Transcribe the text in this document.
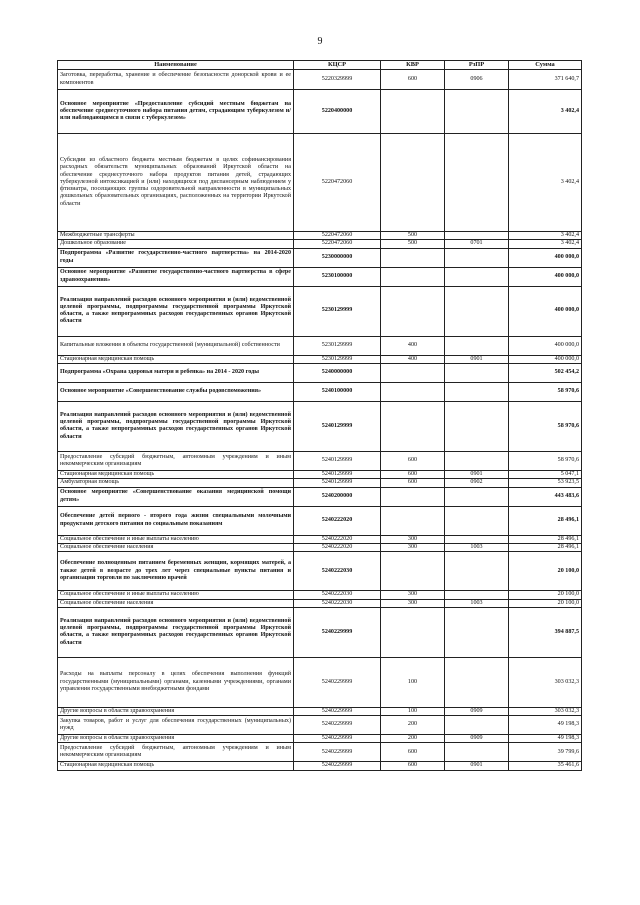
9
Наименование	КЦСР	КВР	РзПР	Сумма
Заготовка, переработка, хранение и обеспечение безопасности донорской крови и ее компонентов	5220329999	600	0906	371 640,7
Основное мероприятие «Предоставление субсидий местным бюджетам на обеспечение среднесуточного набора питания детям, страдающим туберкулезом и/или наблюдающимся в связи с туберкулезом»	5220400000			3 402,4
Субсидии из областного бюджета местным бюджетам в целях софинансирования расходных обязательств муниципальных образований Иркутской области на обеспечение среднесуточного набора продуктов питания детей, страдающих туберкулезной интоксикацией и (или) находящихся под диспансерным наблюдением у фтизиатра, посещающих группы оздоровительной направленности в муниципальных дошкольных образовательных организациях, расположенных на территории Иркутской области	5220472060			3 402,4
Межбюджетные трансферты	5220472060	500		3 402,4
Дошкольное образование	5220472060	500	0701	3 402,4
Подпрограмма «Развитие государственно-частного партнерства» на 2014-2020 годы	5230000000			400 000,0
Основное мероприятие «Развитие государственно-частного партнерства в сфере здравоохранения»	5230100000			400 000,0
Реализация направлений расходов основного мероприятия и (или) ведомственной целевой программы, подпрограммы государственной программы Иркутской области, а также непрограммных расходов государственных органов Иркутской области	5230129999			400 000,0
Капитальные вложения в объекты государственной (муниципальной) собственности	5230129999	400		400 000,0
Стационарная медицинская помощь	5230129999	400	0901	400 000,0
Подпрограмма «Охрана здоровья матери и ребенка» на 2014 - 2020 годы	5240000000			502 454,2
Основное мероприятие «Совершенствование службы родовспоможения»	5240100000			58 970,6
Реализация направлений расходов основного мероприятия и (или) ведомственной целевой программы, подпрограммы государственной программы Иркутской области, а также непрограммных расходов государственных органов Иркутской области	5240129999			58 970,6
Предоставление субсидий бюджетным, автономным учреждениям и иным некоммерческим организациям	5240129999	600		58 970,6
Стационарная медицинская помощь	5240129999	600	0901	5 047,1
Амбулаторная помощь	5240129999	600	0902	53 923,5
Основное мероприятие «Совершенствование оказания медицинской помощи детям»	5240200000			443 483,6
Обеспечение детей первого - второго года жизни специальными молочными продуктами детского питания по социальным показаниям	5240222020			28 496,1
Социальное обеспечение и иные выплаты населению	5240222020	300		28 496,1
Социальное обеспечение населения	5240222020	300	1003	28 496,1
Обеспечение полноценным питанием беременных женщин, кормящих матерей, а также детей в возрасте до трех лет через специальные пункты питания и организации торговли по заключению врачей	5240222030			20 100,0
Социальное обеспечение и иные выплаты населению	5240222030	300		20 100,0
Социальное обеспечение населения	5240222030	300	1003	20 100,0
Реализация направлений расходов основного мероприятия и (или) ведомственной целевой программы, подпрограммы государственной программы Иркутской области, а также непрограммных расходов государственных органов Иркутской области	5240229999			394 887,5
Расходы на выплаты персоналу в целях обеспечения выполнения функций государственными (муниципальными) органами, казенными учреждениями, органами управления государственными внебюджетными фондами	5240229999	100		303 032,3
Другие вопросы в области здравоохранения	5240229999	100	0909	303 032,3
Закупка товаров, работ и услуг для обеспечения государственных (муниципальных) нужд	5240229999	200		49 198,3
Другие вопросы в области здравоохранения	5240229999	200	0909	49 198,3
Предоставление субсидий бюджетным, автономным учреждениям и иным некоммерческим организациям	5240229999	600		39 799,6
Стационарная медицинская помощь	5240229999	600	0901	35 461,6
